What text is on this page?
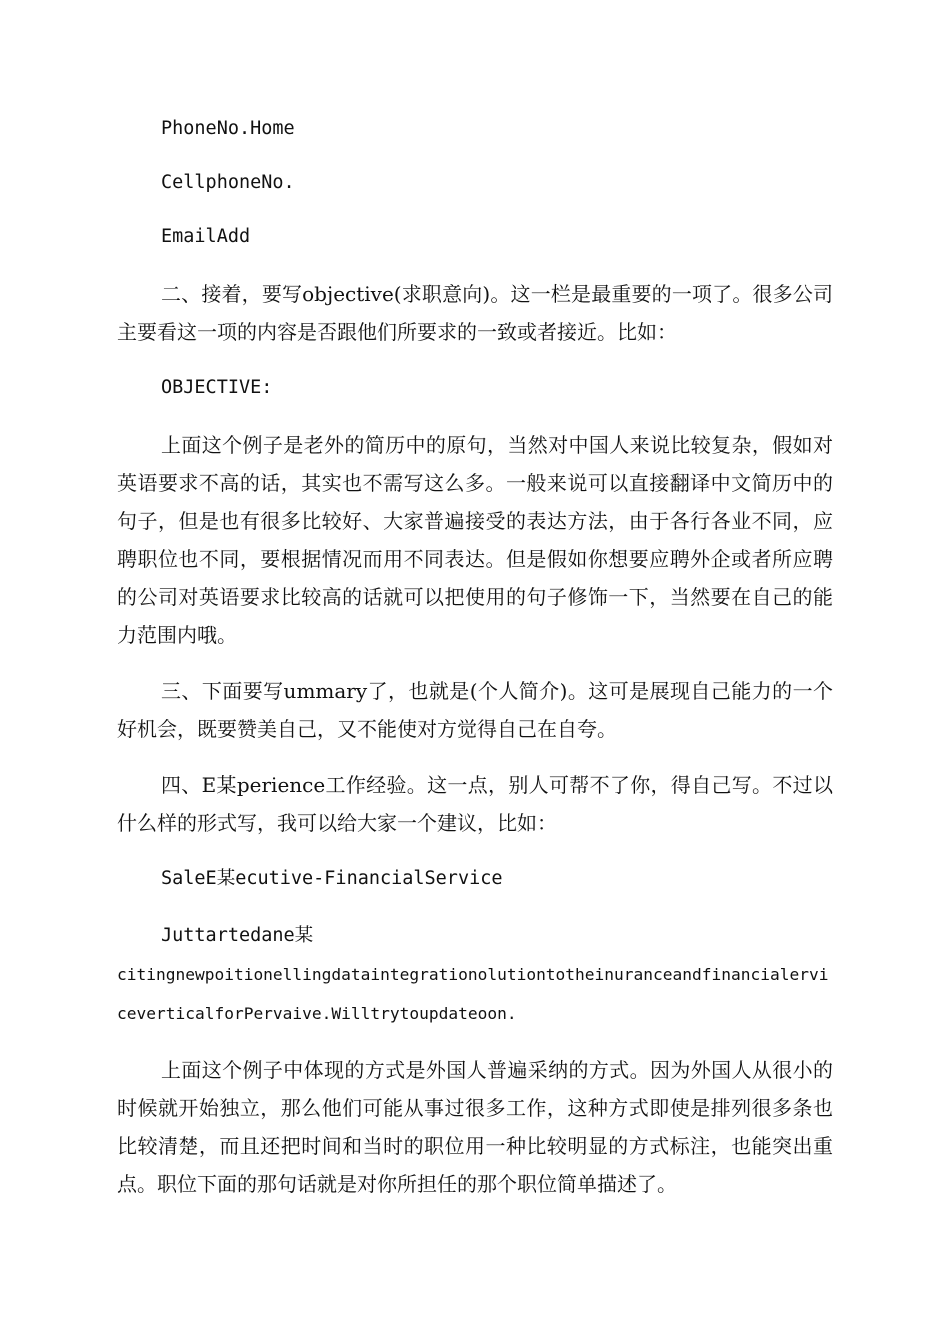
PhoneNo.Home

CellphoneNo.

EmailAdd

二、接着，要写objective(求职意向)。这一栏是最重要的一项了。很多公司主要看这一项的内容是否跟他们所要求的一致或者接近。比如：

OBJECTIVE:

上面这个例子是老外的简历中的原句，当然对中国人来说比较复杂，假如对英语要求不高的话，其实也不需写这么多。一般来说可以直接翻译中文简历中的句子，但是也有很多比较好、大家普遍接受的表达方法，由于各行各业不同，应聘职位也不同，要根据情况而用不同表达。但是假如你想要应聘外企或者所应聘的公司对英语要求比较高的话就可以把使用的句子修饰一下，当然要在自己的能力范围内哦。

三、下面要写ummary了，也就是(个人简介)。这可是展现自己能力的一个好机会，既要赞美自己，又不能使对方觉得自己在自夸。

四、E某perience工作经验。这一点，别人可帮不了你，得自己写。不过以什么样的形式写，我可以给大家一个建议，比如：

SaleE某ecutive-FinancialService

Juttartedane某

citingnewpoitionellingdataintegrationolutiontotheinuranceandfinancialerviceverticalforPervaive.Willtrytoupdateoon.

上面这个例子中体现的方式是外国人普遍采纳的方式。因为外国人从很小的时候就开始独立，那么他们可能从事过很多工作，这种方式即使是排列很多条也比较清楚，而且还把时间和当时的职位用一种比较明显的方式标注，也能突出重点。职位下面的那句话就是对你所担任的那个职位简单描述了。
